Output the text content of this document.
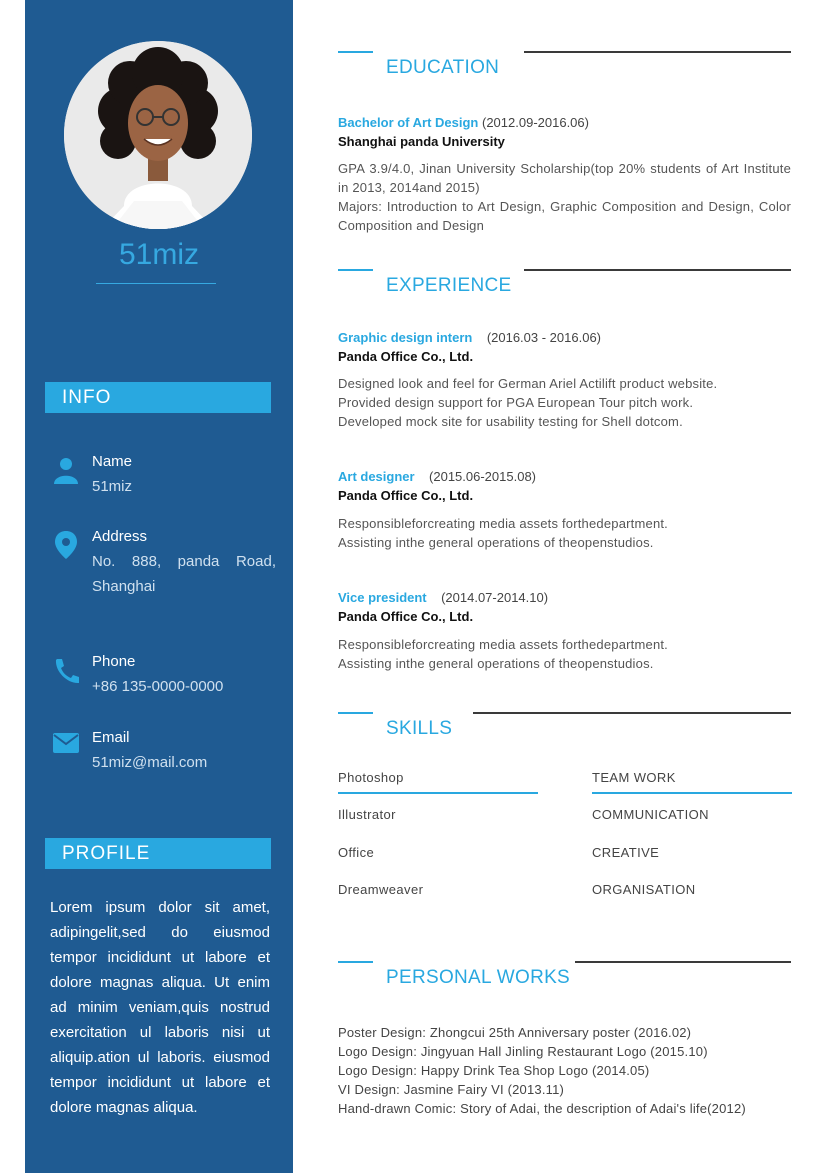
51miz
INFO
Name
51miz
Address
No. 888, panda Road, Shanghai
Phone
+86 135-0000-0000
Email
51miz@mail.com
PROFILE
Lorem ipsum dolor sit amet, adipingelit,sed do eiusmod tempor incididunt ut labore et dolore magnas aliqua. Ut enim ad minim veniam,quis nostrud exercitation ul laboris nisi ut aliquip.ation ul laboris. eiusmod tempor incididunt ut labore et dolore magnas aliqua.
EDUCATION
Bachelor of Art Design (2012.09-2016.06)
Shanghai panda University
GPA 3.9/4.0, Jinan University Scholarship(top 20% students of Art Institute in 2013, 2014and 2015)
Majors: Introduction to Art Design, Graphic Composition and Design, Color Composition and Design
EXPERIENCE
Graphic design intern (2016.03 - 2016.06)
Panda Office Co., Ltd.
Designed look and feel for German Ariel Actilift product website.
Provided design support for PGA European Tour pitch work.
Developed mock site for usability testing for Shell dotcom.
Art designer (2015.06-2015.08)
Panda Office Co., Ltd.
Responsibleforcreating media assets forthedepartment.
Assisting inthe general operations of theopenstudios.
Vice president (2014.07-2014.10)
Panda Office Co., Ltd.
Responsibleforcreating media assets forthedepartment.
Assisting inthe general operations of theopenstudios.
SKILLS
Photoshop
Illustrator
Office
Dreamweaver
TEAM WORK
COMMUNICATION
CREATIVE
ORGANISATION
PERSONAL WORKS
Poster Design: Zhongcui 25th Anniversary poster (2016.02)
Logo Design: Jingyuan Hall Jinling Restaurant Logo (2015.10)
Logo Design: Happy Drink Tea Shop Logo (2014.05)
VI Design: Jasmine Fairy VI (2013.11)
Hand-drawn Comic: Story of Adai, the description of Adai's life(2012)
